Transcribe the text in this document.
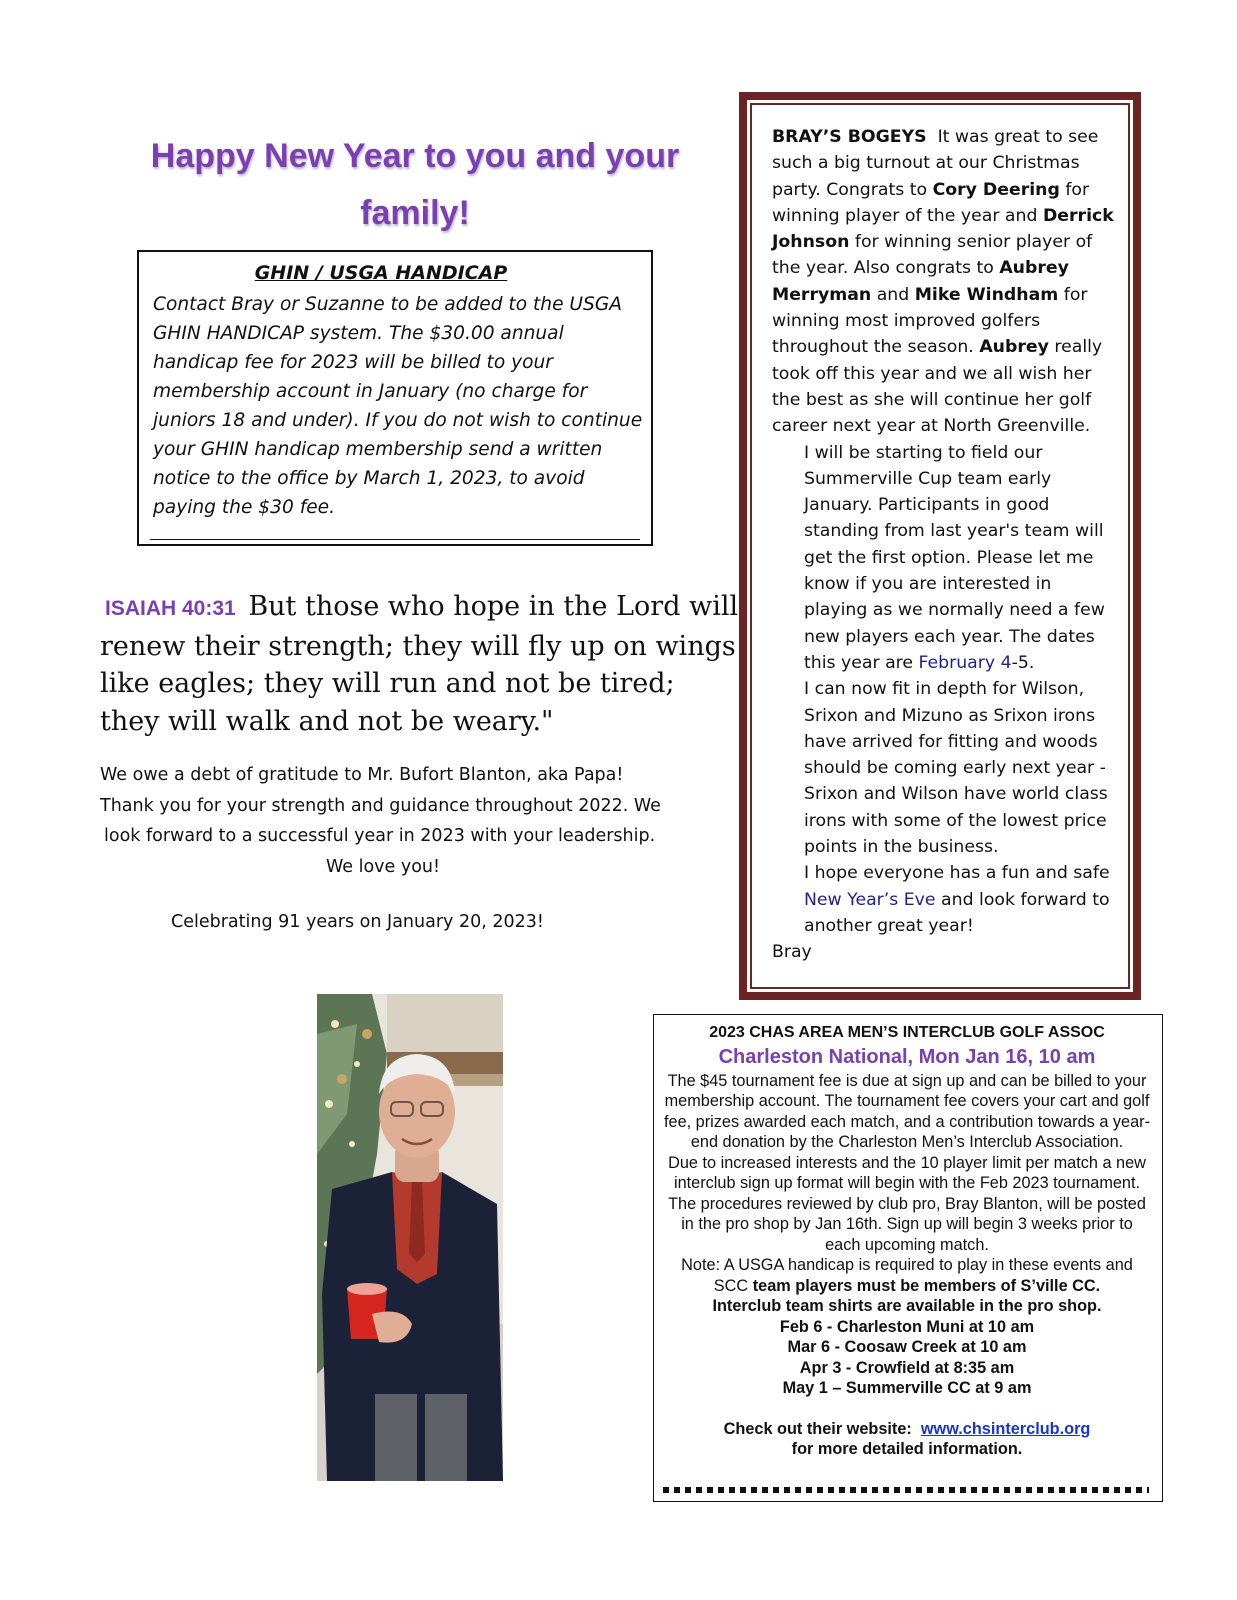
Happy New Year to you and your
family!
GHIN / USGA HANDICAP
Contact Bray or Suzanne to be added to the USGA GHIN HANDICAP system. The $30.00 annual handicap fee for 2023 will be billed to your membership account in January (no charge for juniors 18 and under). If you do not wish to continue your GHIN handicap membership send a written notice to the office by March 1, 2023, to avoid paying the $30 fee.
ISAIAH 40:31 But those who hope in the Lord will renew their strength; they will fly up on wings like eagles; they will run and not be tired; they will walk and not be weary."
We owe a debt of gratitude to Mr. Bufort Blanton, aka Papa!
Thank you for your strength and guidance throughout 2022. We
look forward to a successful year in 2023 with your leadership.
We love you!
Celebrating 91 years on January 20, 2023!
BRAY’S BOGEYS It was great to see such a big turnout at our Christmas party. Congrats to Cory Deering for winning player of the year and Derrick Johnson for winning senior player of the year. Also congrats to Aubrey Merryman and Mike Windham for winning most improved golfers throughout the season. Aubrey really took off this year and we all wish her the best as she will continue her golf career next year at North Greenville.
I will be starting to field our Summerville Cup team early January. Participants in good standing from last year's team will get the first option. Please let me know if you are interested in playing as we normally need a few new players each year. The dates this year are February 4-5.
I can now fit in depth for Wilson, Srixon and Mizuno as Srixon irons have arrived for fitting and woods should be coming early next year - Srixon and Wilson have world class irons with some of the lowest price points in the business.
I hope everyone has a fun and safe New Year’s Eve and look forward to another great year!
Bray
2023 CHAS AREA MEN’S INTERCLUB GOLF ASSOC
Charleston National, Mon Jan 16, 10 am
The $45 tournament fee is due at sign up and can be billed to your membership account. The tournament fee covers your cart and golf fee, prizes awarded each match, and a contribution towards a year-end donation by the Charleston Men’s Interclub Association.
Due to increased interests and the 10 player limit per match a new interclub sign up format will begin with the Feb 2023 tournament. The procedures reviewed by club pro, Bray Blanton, will be posted in the pro shop by Jan 16th. Sign up will begin 3 weeks prior to each upcoming match.
Note: A USGA handicap is required to play in these events and SCC team players must be members of S’ville CC.
Interclub team shirts are available in the pro shop.
Feb 6 - Charleston Muni at 10 am
Mar 6 - Coosaw Creek at 10 am
Apr 3 - Crowfield at 8:35 am
May 1 – Summerville CC at 9 am
Check out their website: www.chsinterclub.org
for more detailed information.
